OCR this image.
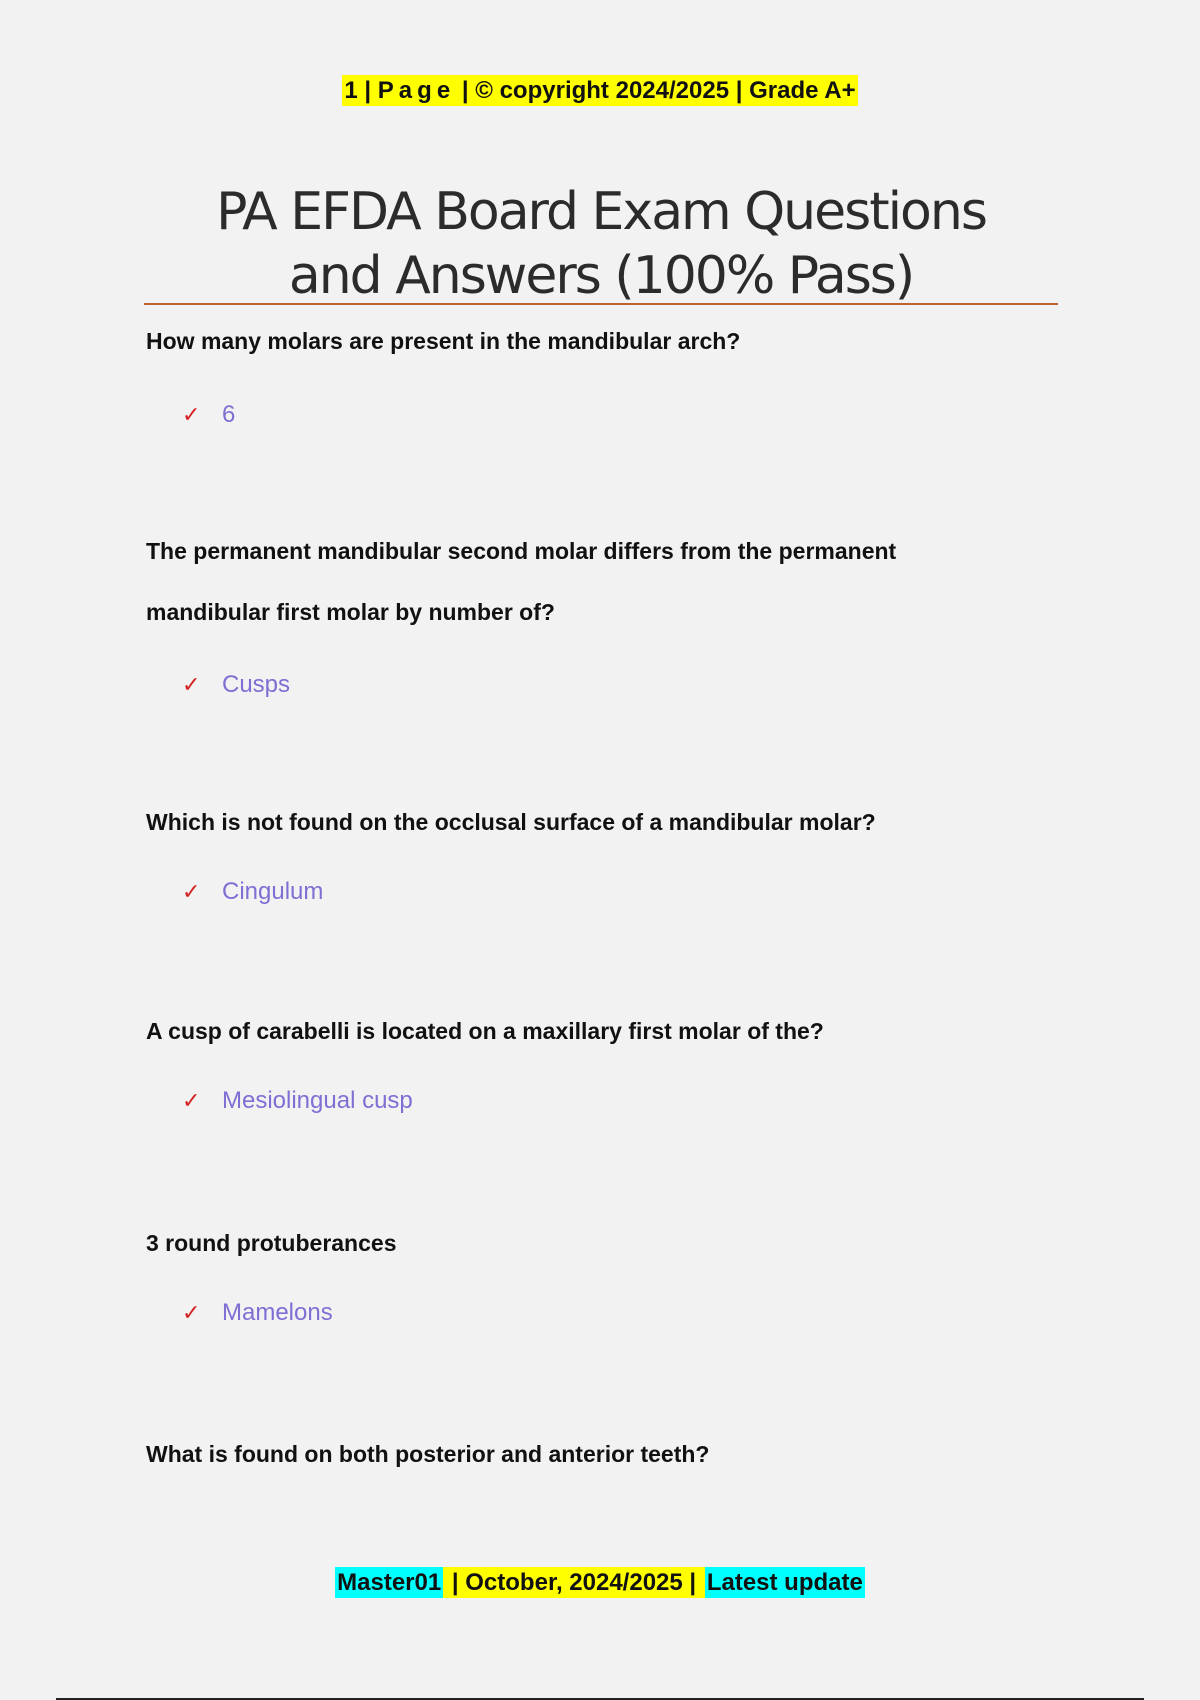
1 | Page | © copyright 2024/2025 | Grade A+
PA EFDA Board Exam Questions
and Answers (100% Pass)
How many molars are present in the mandibular arch?
✓ 6
The permanent mandibular second molar differs from the permanent mandibular first molar by number of?
✓ Cusps
Which is not found on the occlusal surface of a mandibular molar?
✓ Cingulum
A cusp of carabelli is located on a maxillary first molar of the?
✓ Mesiolingual cusp
3 round protuberances
✓ Mamelons
What is found on both posterior and anterior teeth?
Master01 | October, 2024/2025 | Latest update
